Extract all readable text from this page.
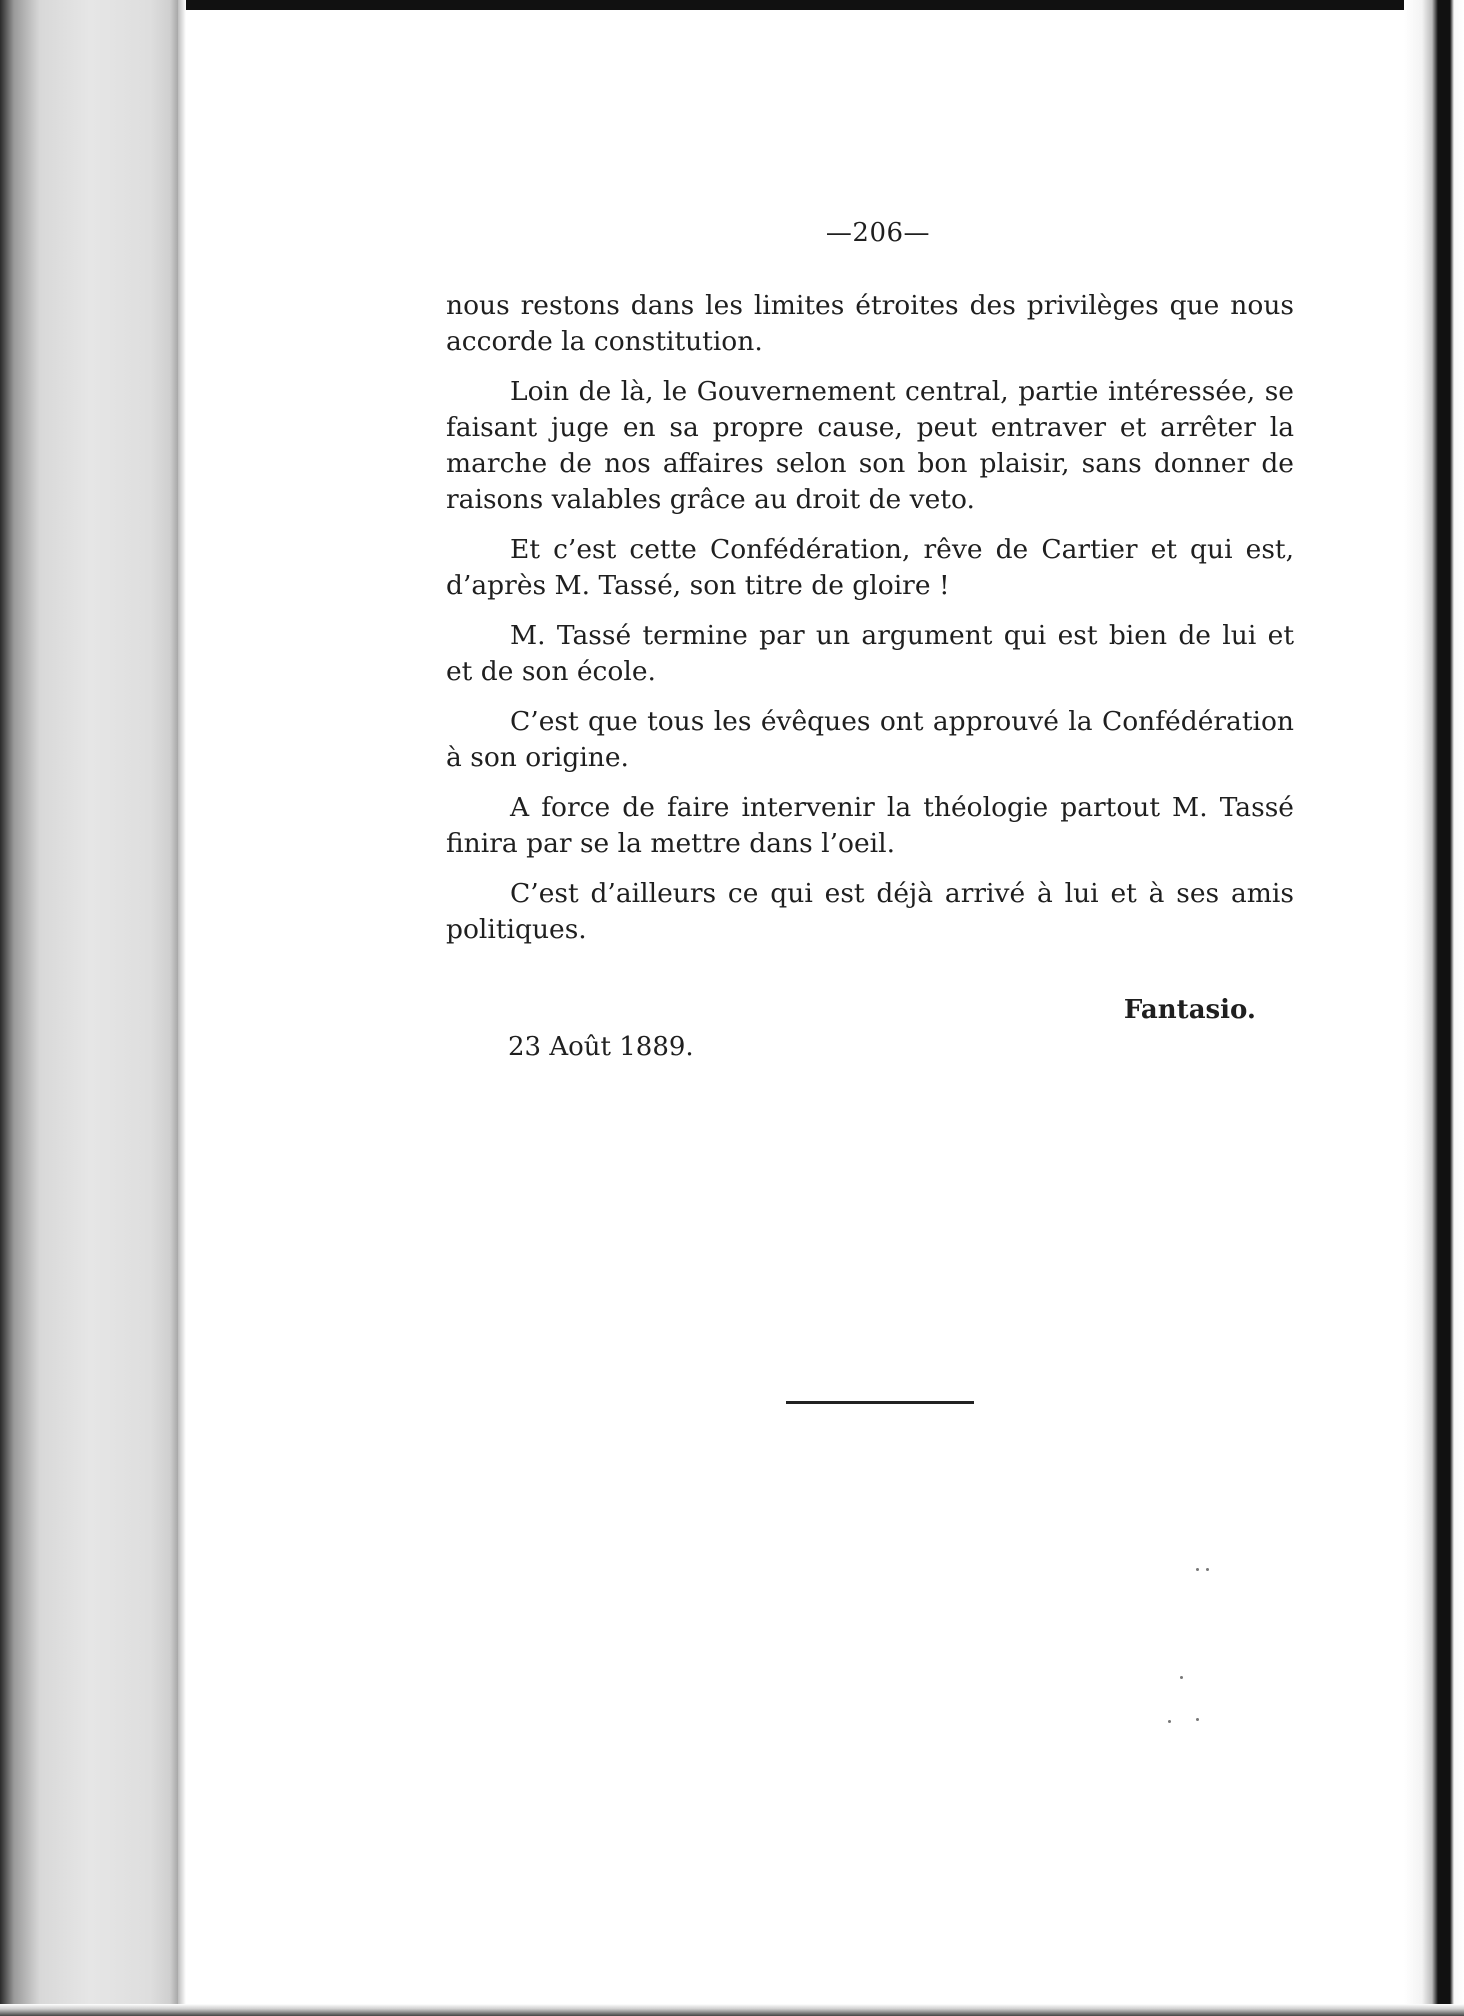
—206—

nous restons dans les limites étroites des privilèges que nous accorde la constitution.

Loin de là, le Gouvernement central, partie intéressée, se faisant juge en sa propre cause, peut entraver et arrêter la marche de nos affaires selon son bon plaisir, sans donner de raisons valables grâce au droit de veto.

Et c’est cette Confédération, rêve de Cartier et qui est, d’après M. Tassé, son titre de gloire !

M. Tassé termine par un argument qui est bien de lui et et de son école.

C’est que tous les évêques ont approuvé la Confédération à son origine.

A force de faire intervenir la théologie partout M. Tassé finira par se la mettre dans l’oeil.

C’est d’ailleurs ce qui est déjà arrivé à lui et à ses amis politiques.

Fantasio.
23 Août 1889.
